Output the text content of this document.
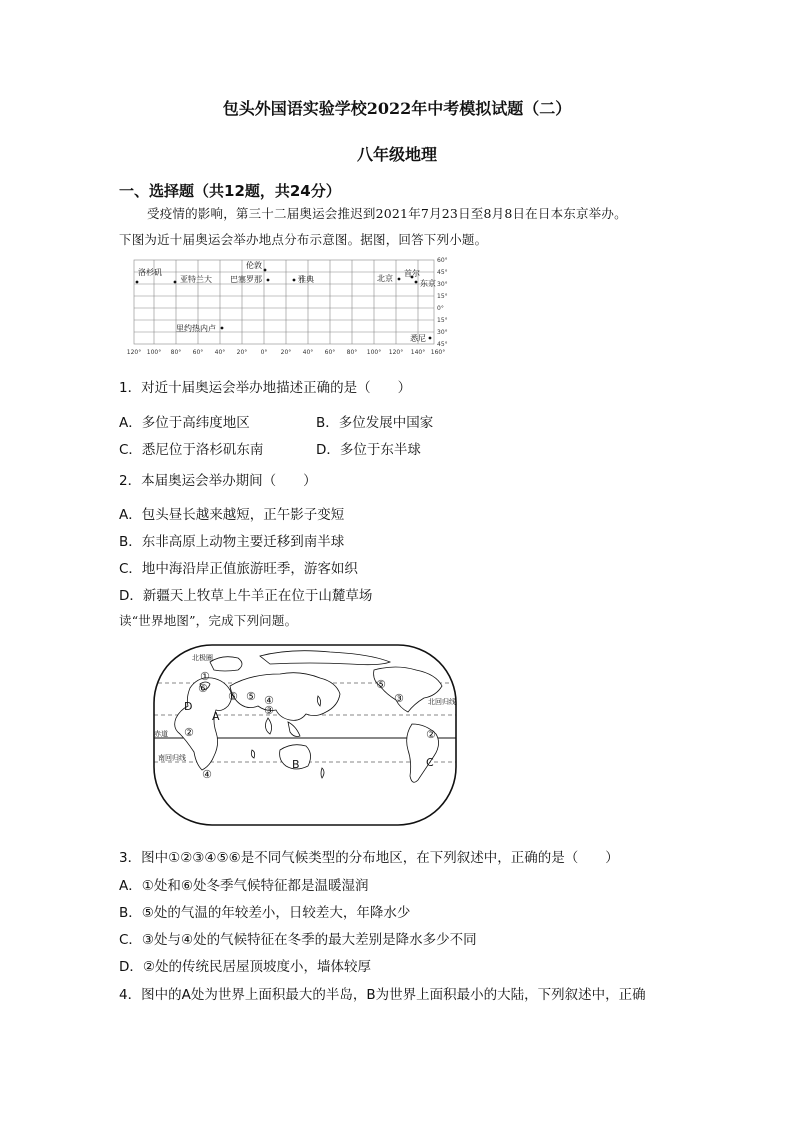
包头外国语实验学校2022年中考模拟试题（二）
八年级地理
一、选择题（共12题，共24分）
受疫情的影响，第三十二届奥运会推迟到2021年7月23日至8月8日在日本东京举办。
下图为近十届奥运会举办地点分布示意图。据图，回答下列小题。
洛杉矶
亚特兰大
伦敦
巴塞罗那	雅典	北京
首尔
东京
里约热内卢
悉尼
60°
45°
30°
15°
0°
15°
30°
45°
120° 100° 80° 60° 40° 20° 0° 20° 40° 60° 80° 100° 120° 140° 160°
1．对近十届奥运会举办地描述正确的是（　　）
A．多位于高纬度地区	B．多位发展中国家
C．悉尼位于洛杉矶东南	D．多位于东半球
2．本届奥运会举办期间（　　）
A．包头昼长越来越短，正午影子变短
B．东非高原上动物主要迁移到南半球
C．地中海沿岸正值旅游旺季，游客如织
D．新疆天上牧草上牛羊正在位于山麓草场
读“世界地图”，完成下列问题。
北极圈
北回归线
赤道
南回归线
A
B	C
D
①
②	②
③
③
④
④
⑤
⑤
⑥
⑥
3．图中①②③④⑤⑥是不同气候类型的分布地区，在下列叙述中，正确的是（　　）
A．①处和⑥处冬季气候特征都是温暖湿润
B．⑤处的气温的年较差小，日较差大，年降水少
C．③处与④处的气候特征在冬季的最大差别是降水多少不同
D．②处的传统民居屋顶坡度小，墙体较厚
4．图中的A处为世界上面积最大的半岛，B为世界上面积最小的大陆，下列叙述中，正确
